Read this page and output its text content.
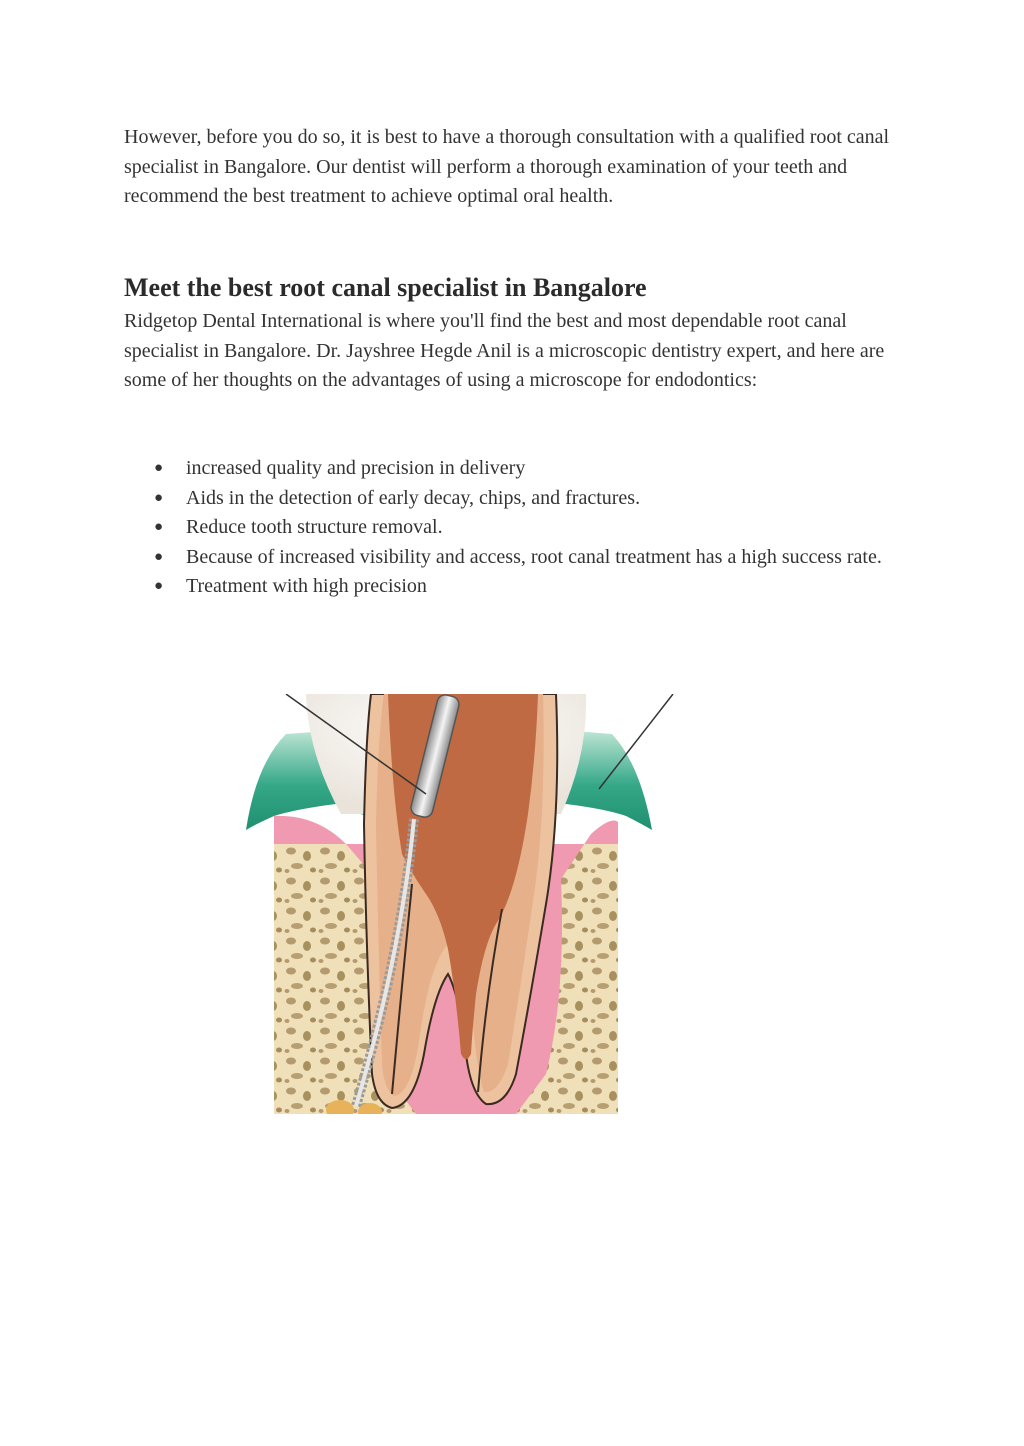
However, before you do so, it is best to have a thorough consultation with a qualified root canal specialist in Bangalore. Our dentist will perform a thorough examination of your teeth and recommend the best treatment to achieve optimal oral health.

Meet the best root canal specialist in Bangalore

Ridgetop Dental International is where you'll find the best and most dependable root canal specialist in Bangalore. Dr. Jayshree Hegde Anil is a microscopic dentistry expert, and here are some of her thoughts on the advantages of using a microscope for endodontics:

● increased quality and precision in delivery
● Aids in the detection of early decay, chips, and fractures.
● Reduce tooth structure removal.
● Because of increased visibility and access, root canal treatment has a high success rate.
● Treatment with high precision
